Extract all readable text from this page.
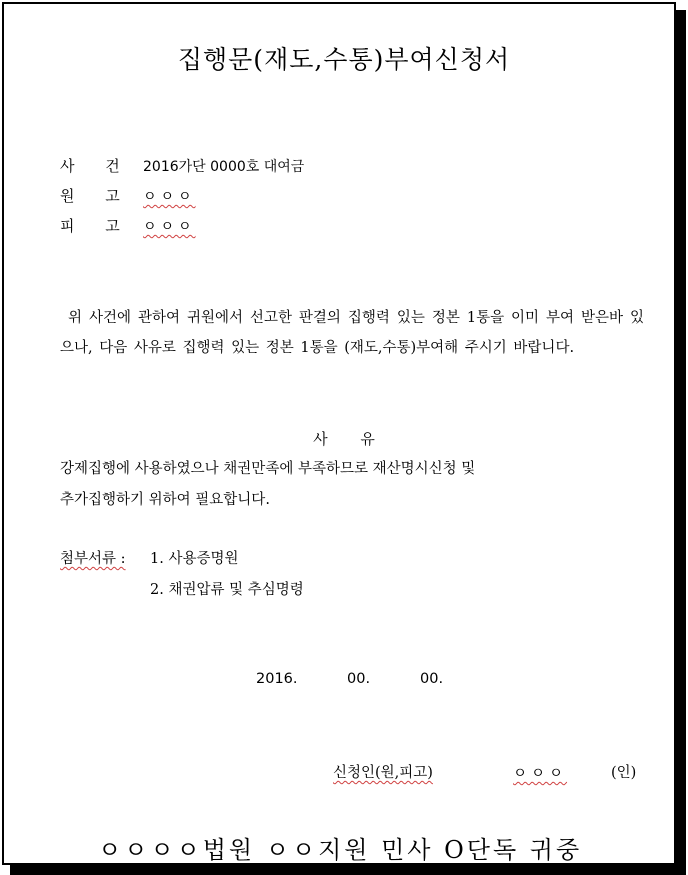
집행문(재도,수통)부여신청서
사 건 2016가단 0000호 대여금
원 고 ㅇㅇㅇ
피 고 ㅇㅇㅇ
위 사건에 관하여 귀원에서 선고한 판결의 집행력 있는 정본 1통을 이미 부여 받은바 있으나, 다음 사유로 집행력 있는 정본 1통을 (재도,수통)부여해 주시기 바랍니다.
사 유
강제집행에 사용하였으나 채권만족에 부족하므로 재산명시신청 및
추가집행하기 위하여 필요합니다.
첨부서류 : 1. 사용증명원
2. 채권압류 및 추심명령
2016.	00.	00.
신청인(원,피고)	ㅇㅇㅇ	(인)
ㅇㅇㅇㅇ법원 ㅇㅇ지원 민사 O단독 귀중
